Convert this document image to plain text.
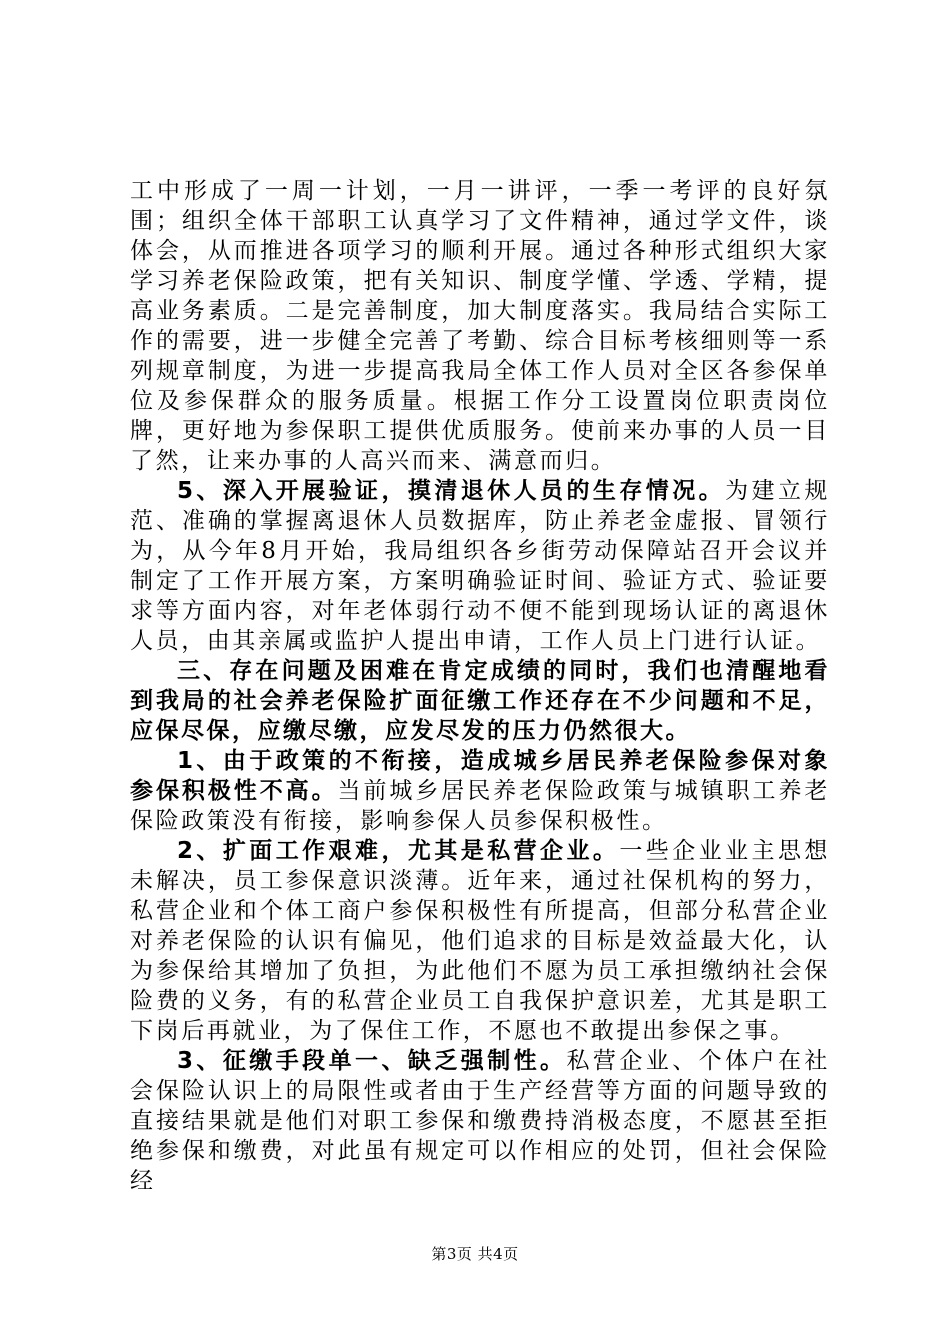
工中形成了一周一计划，一月一讲评，一季一考评的良好氛围；组织全体干部职工认真学习了文件精神，通过学文件，谈体会，从而推进各项学习的顺利开展。通过各种形式组织大家学习养老保险政策，把有关知识、制度学懂、学透、学精，提高业务素质。二是完善制度，加大制度落实。我局结合实际工作的需要，进一步健全完善了考勤、综合目标考核细则等一系列规章制度，为进一步提高我局全体工作人员对全区各参保单位及参保群众的服务质量。根据工作分工设置岗位职责岗位牌，更好地为参保职工提供优质服务。使前来办事的人员一目了然，让来办事的人高兴而来、满意而归。

5、深入开展验证，摸清退休人员的生存情况。为建立规范、准确的掌握离退休人员数据库，防止养老金虚报、冒领行为，从今年8月开始，我局组织各乡街劳动保障站召开会议并制定了工作开展方案，方案明确验证时间、验证方式、验证要求等方面内容，对年老体弱行动不便不能到现场认证的离退休人员，由其亲属或监护人提出申请，工作人员上门进行认证。

三、存在问题及困难在肯定成绩的同时，我们也清醒地看到我局的社会养老保险扩面征缴工作还存在不少问题和不足，应保尽保，应缴尽缴，应发尽发的压力仍然很大。

1、由于政策的不衔接，造成城乡居民养老保险参保对象参保积极性不高。当前城乡居民养老保险政策与城镇职工养老保险政策没有衔接，影响参保人员参保积极性。

2、扩面工作艰难，尤其是私营企业。一些企业业主思想未解决，员工参保意识淡薄。近年来，通过社保机构的努力，私营企业和个体工商户参保积极性有所提高，但部分私营企业对养老保险的认识有偏见，他们追求的目标是效益最大化，认为参保给其增加了负担，为此他们不愿为员工承担缴纳社会保险费的义务，有的私营企业员工自我保护意识差，尤其是职工下岗后再就业，为了保住工作，不愿也不敢提出参保之事。

3、征缴手段单一、缺乏强制性。私营企业、个体户在社会保险认识上的局限性或者由于生产经营等方面的问题导致的直接结果就是他们对职工参保和缴费持消极态度，不愿甚至拒绝参保和缴费，对此虽有规定可以作相应的处罚，但社会保险经

第3页 共4页
